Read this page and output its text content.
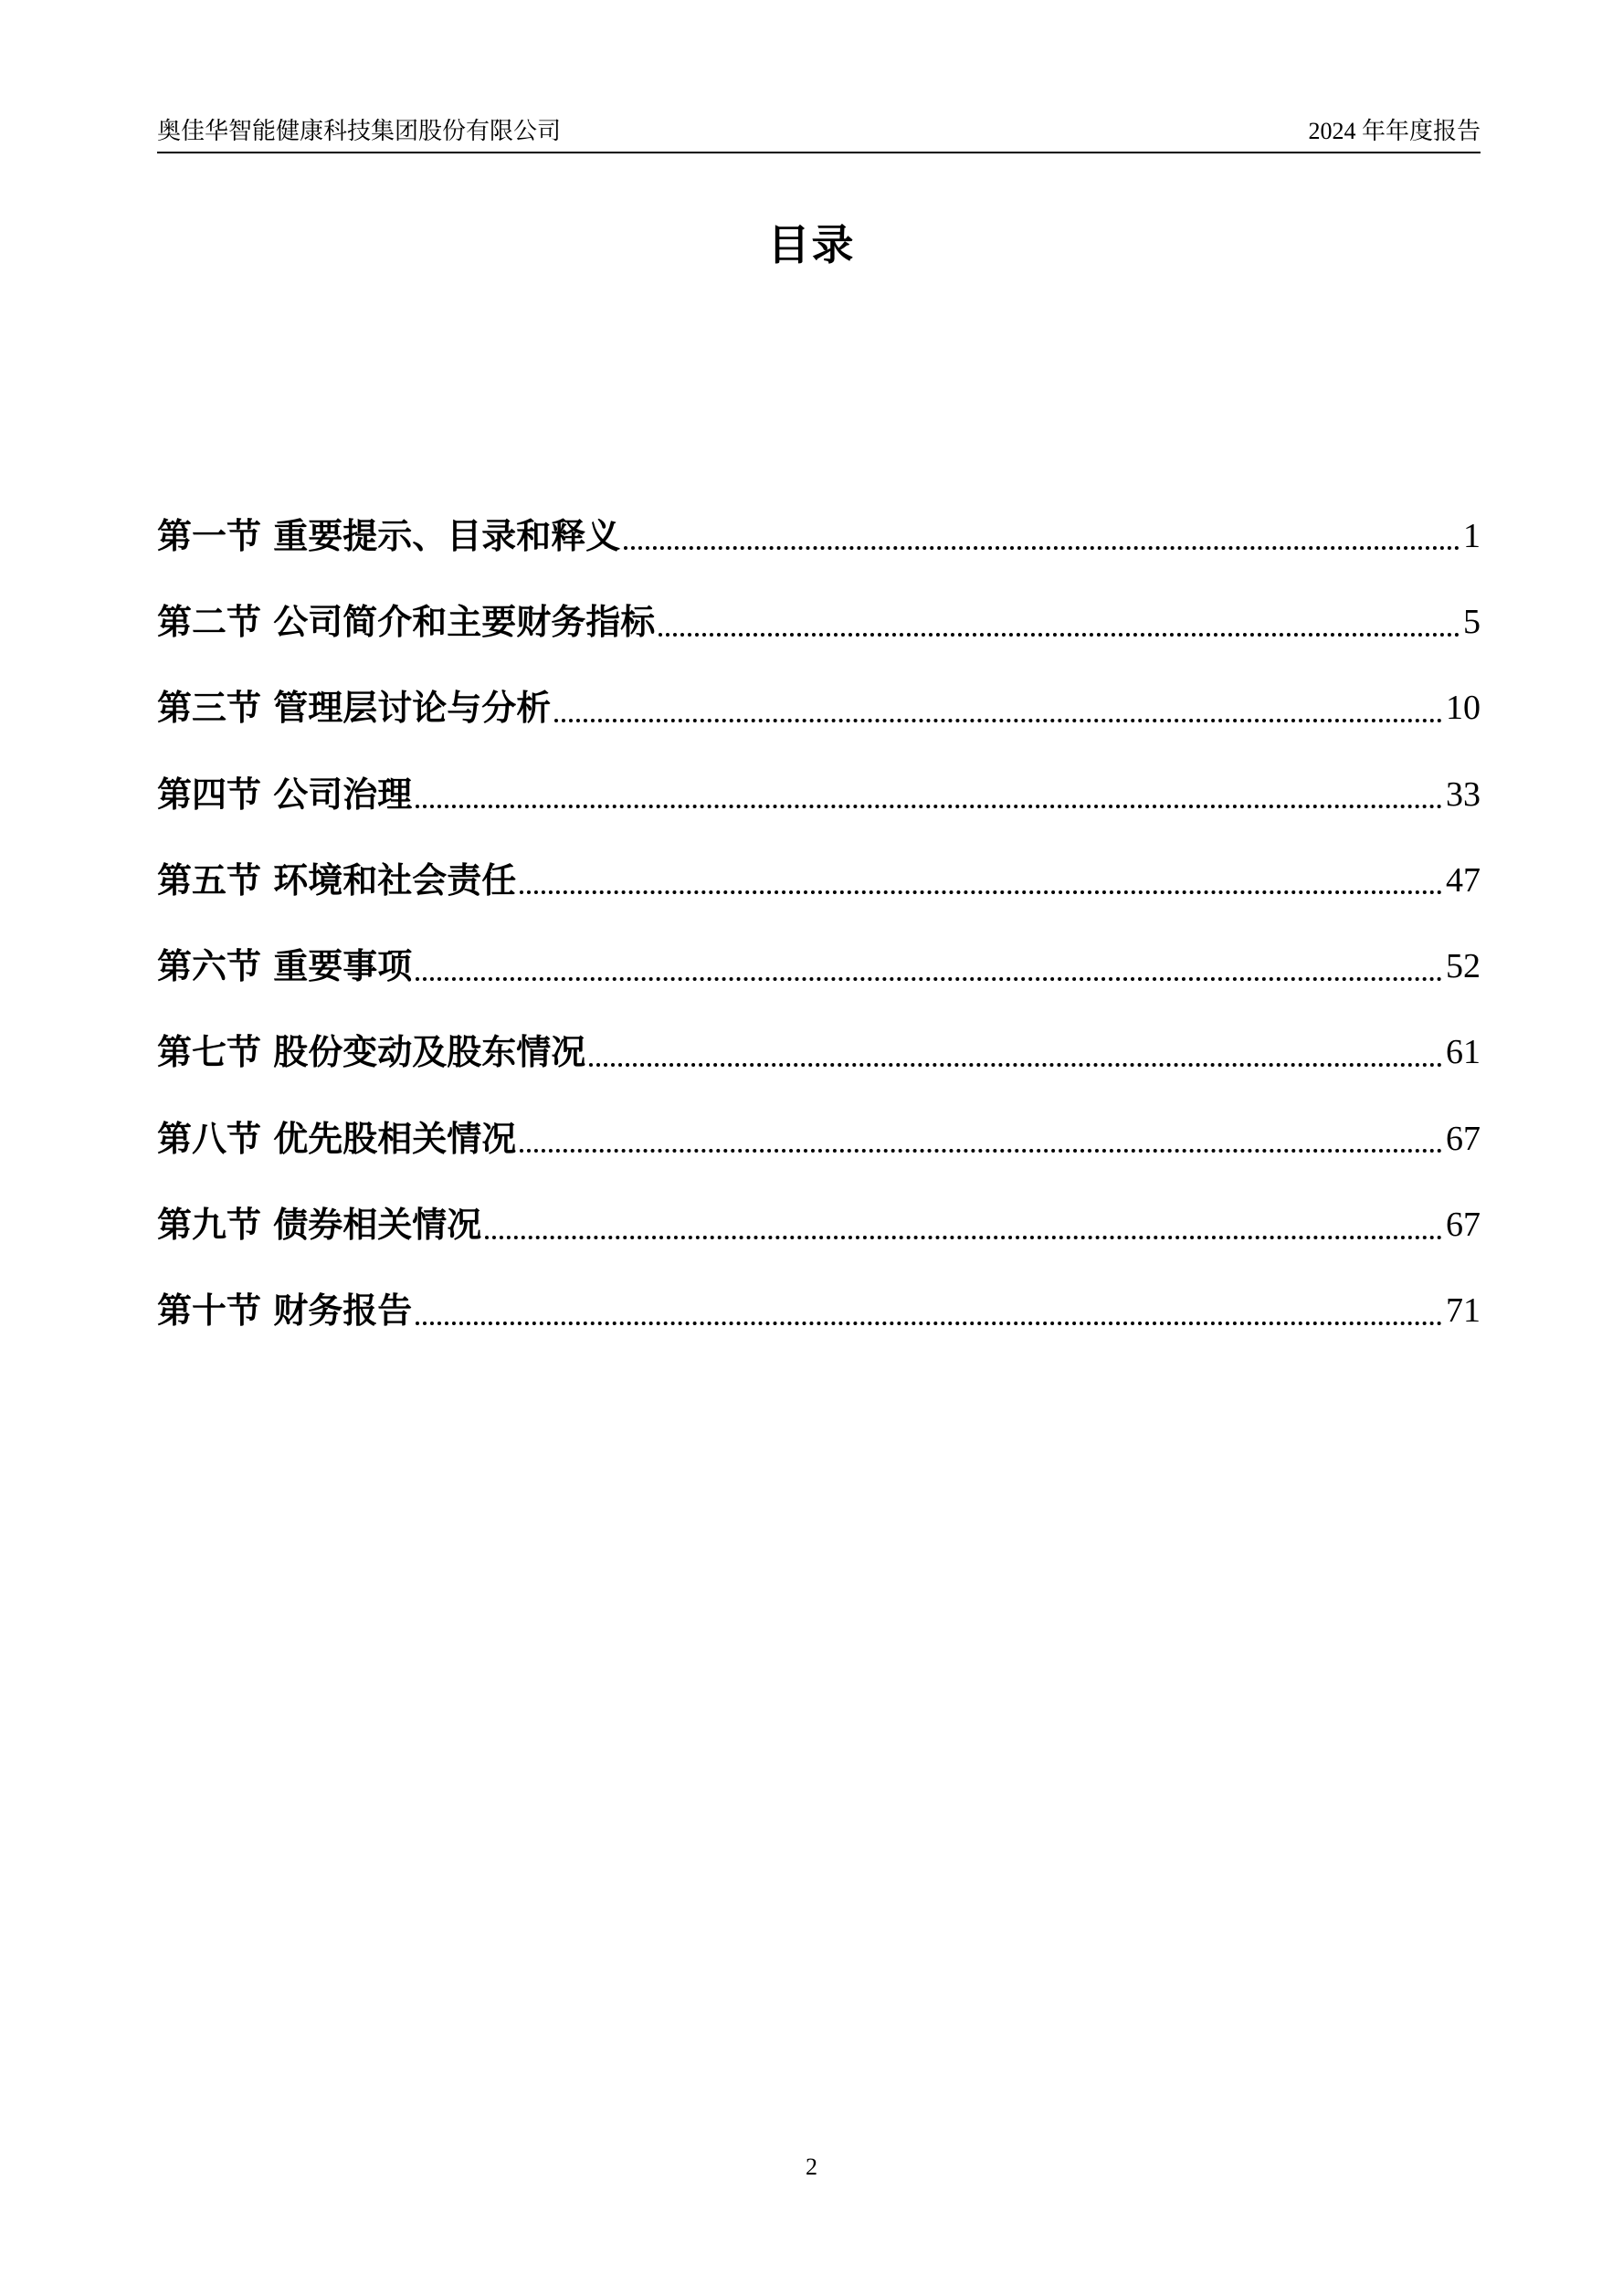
奥佳华智能健康科技集团股份有限公司	2024 年年度报告
目录
第一节 重要提示、目录和释义	1
第二节 公司简介和主要财务指标	5
第三节 管理层讨论与分析	10
第四节 公司治理	33
第五节 环境和社会责任	47
第六节 重要事项	52
第七节 股份变动及股东情况	61
第八节 优先股相关情况	67
第九节 债券相关情况	67
第十节 财务报告	71
2
